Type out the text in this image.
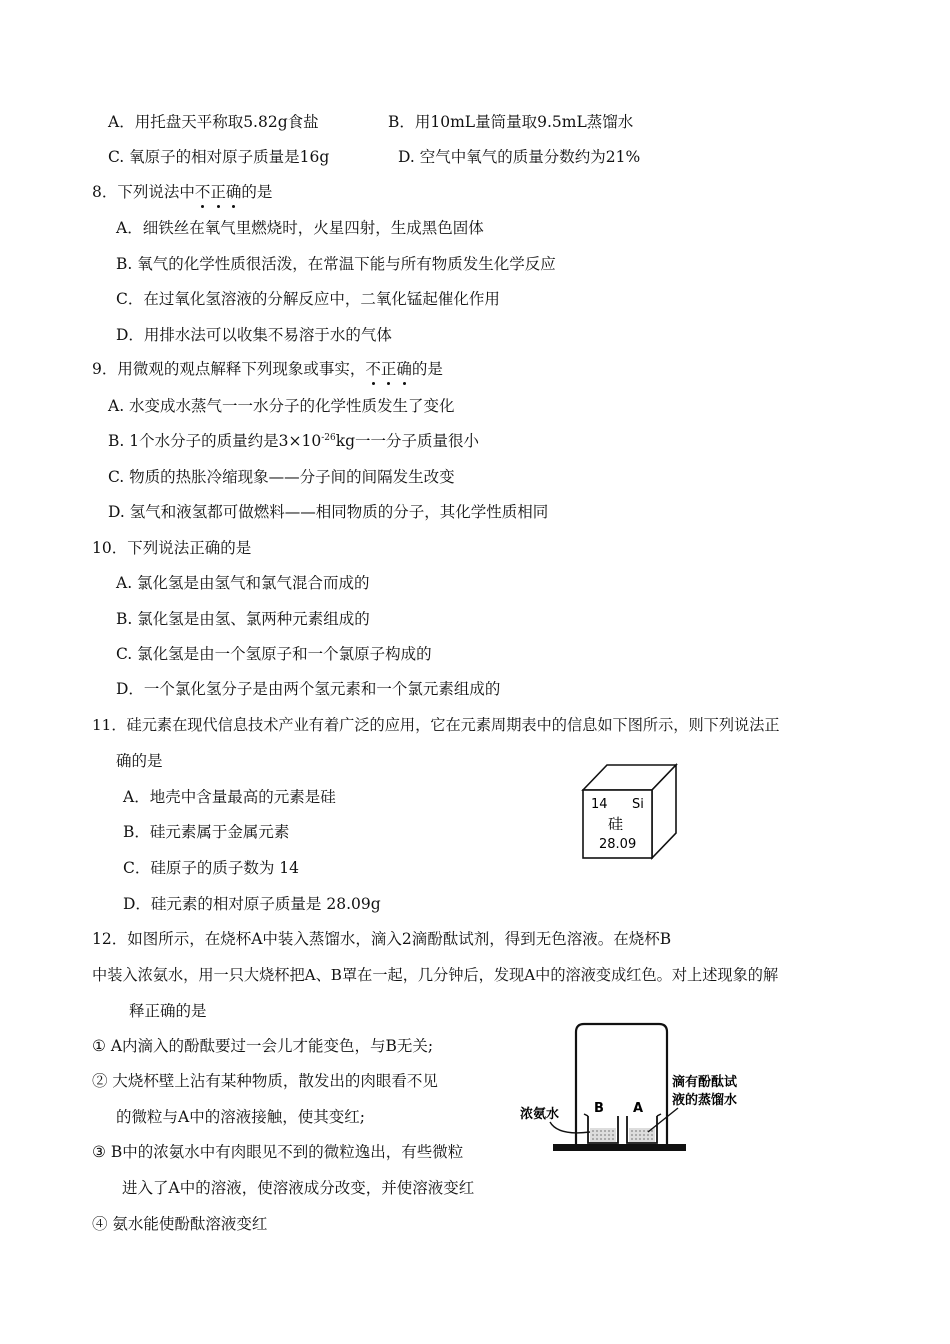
A．用托盘天平称取5.82g食盐	B．用10mL量筒量取9.5mL蒸馏水
C. 氧原子的相对原子质量是16g	D. 空气中氧气的质量分数约为21%
8．下列说法中不正确的是
A．细铁丝在氧气里燃烧时，火星四射，生成黑色固体
B. 氧气的化学性质很活泼，在常温下能与所有物质发生化学反应
C．在过氧化氢溶液的分解反应中，二氧化锰起催化作用
D．用排水法可以收集不易溶于水的气体
9．用微观的观点解释下列现象或事实，不正确的是
A. 水变成水蒸气一一水分子的化学性质发生了变化
B. 1个水分子的质量约是$3\times 10^{-26}kg$一一分子质量很小
C. 物质的热胀冷缩现象——分子间的间隔发生改变
D. 氢气和液氢都可做燃料——相同物质的分子，其化学性质相同
10．下列说法正确的是
A. 氯化氢是由氢气和氯气混合而成的
B. 氯化氢是由氢、氯两种元素组成的
C. 氯化氢是由一个氢原子和一个氯原子构成的
D．一个氯化氢分子是由两个氢元素和一个氯元素组成的
11．硅元素在现代信息技术产业有着广泛的应用，它在元素周期表中的信息如下图所示，则下列说法正
确的是
A．地壳中含量最高的元素是硅
B．硅元素属于金属元素
C．硅原子的质子数为 14
D．硅元素的相对原子质量是 28.09g
14 Si
硅
28.09
12．如图所示，在烧杯A中装入蒸馏水，滴入2滴酚酞试剂，得到无色溶液。在烧杯B
中装入浓氨水，用一只大烧杯把A、B罩在一起，几分钟后，发现A中的溶液变成红色。对上述现象的解
释正确的是
① A内滴入的酚酞要过一会儿才能变色，与B无关;
② 大烧杯壁上沾有某种物质，散发出的肉眼看不见
的微粒与A中的溶液接触，使其变红;
③ B中的浓氨水中有肉眼见不到的微粒逸出，有些微粒
进入了A中的溶液，使溶液成分改变，并使溶液变红
④ 氨水能使酚酞溶液变红
B A
浓氨水
滴有酚酞试
液的蒸馏水
